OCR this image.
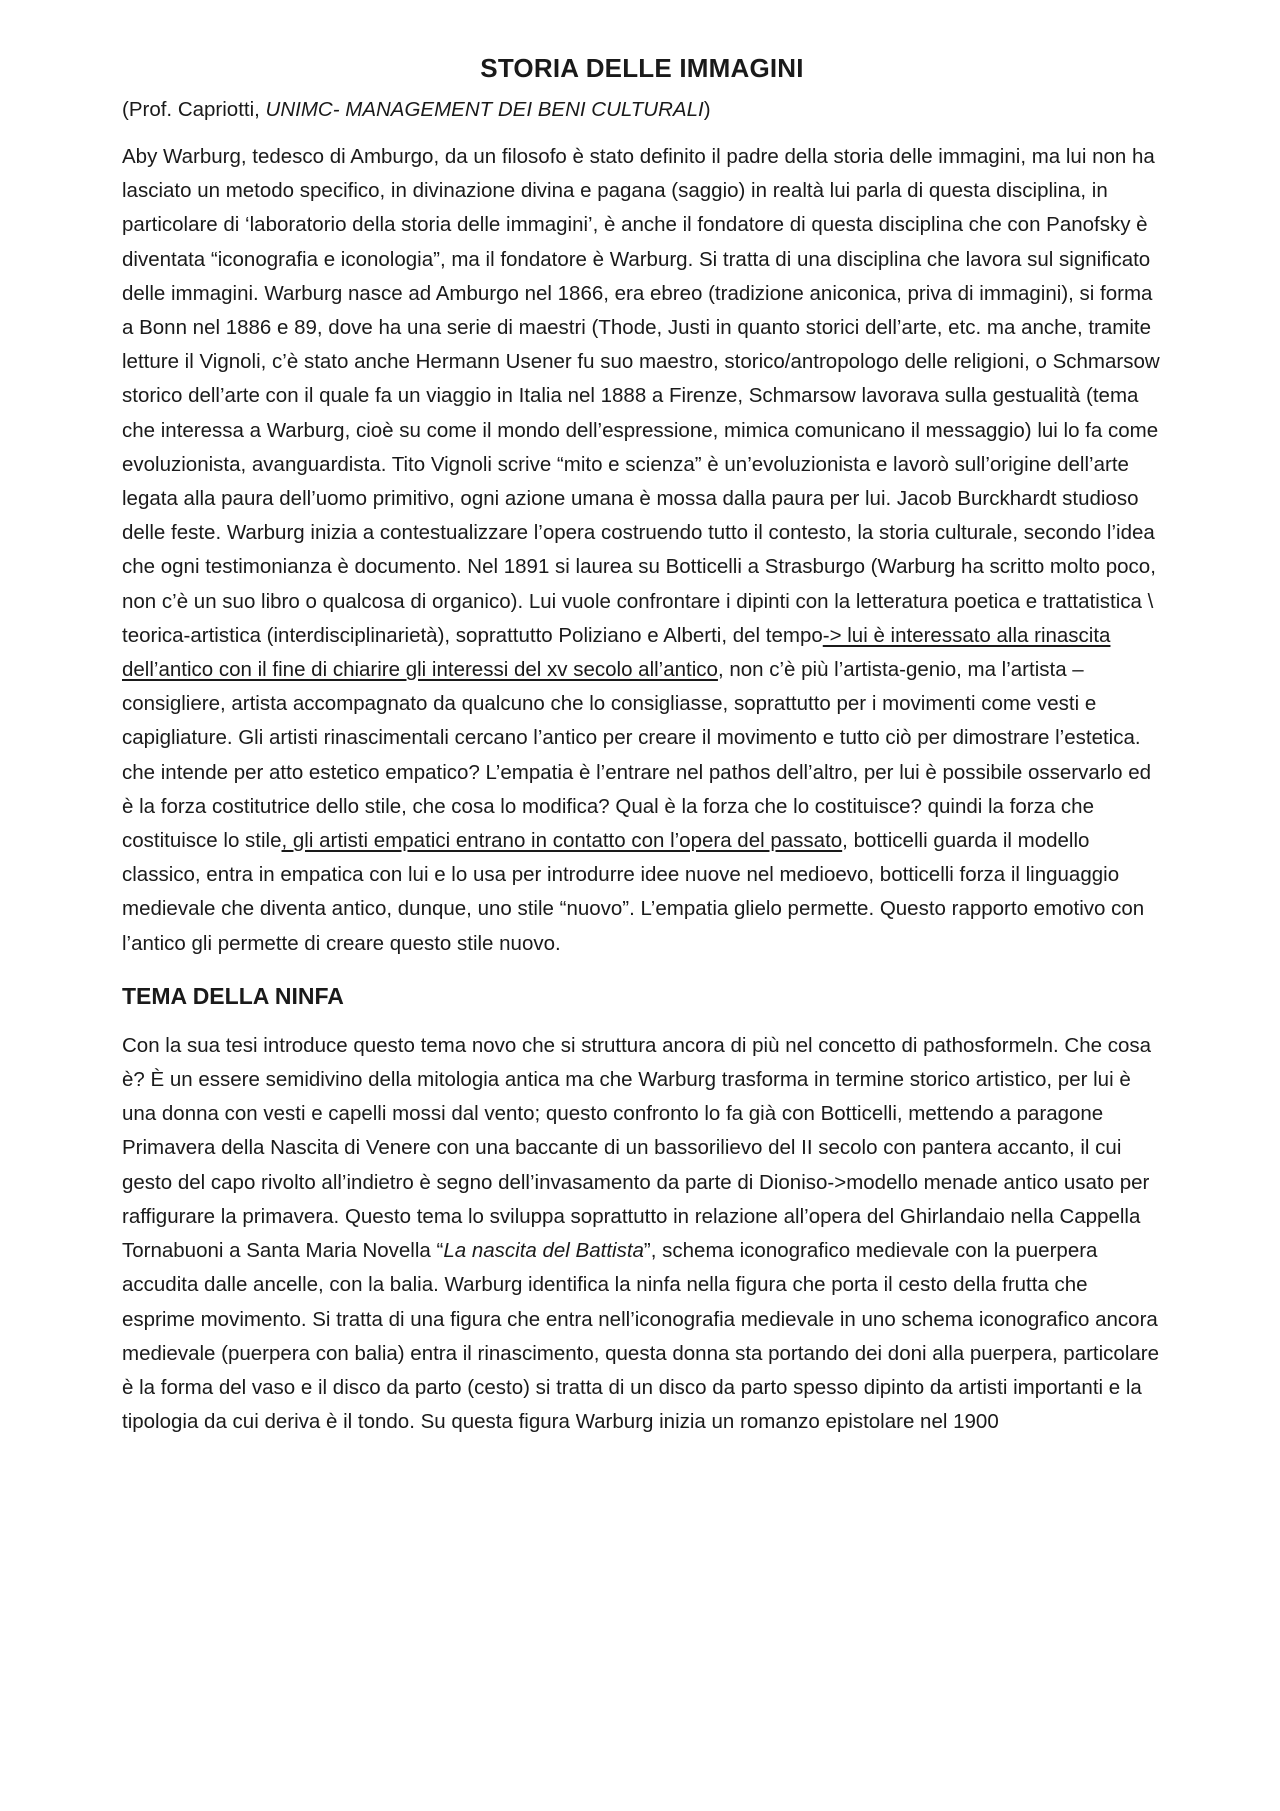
STORIA DELLE IMMAGINI
(Prof. Capriotti, UNIMC- MANAGEMENT DEI BENI CULTURALI)

Aby Warburg, tedesco di Amburgo, da un filosofo è stato definito il padre della storia delle immagini, ma lui non ha lasciato un metodo specifico, in divinazione divina e pagana (saggio) in realtà lui parla di questa disciplina, in particolare di ‘laboratorio della storia delle immagini’, è anche il fondatore di questa disciplina che con Panofsky è diventata “iconografia e iconologia”, ma il fondatore è Warburg. Si tratta di una disciplina che lavora sul significato delle immagini. Warburg nasce ad Amburgo nel 1866, era ebreo (tradizione aniconica, priva di immagini), si forma a Bonn nel 1886 e 89, dove ha una serie di maestri (Thode, Justi in quanto storici dell’arte, etc. ma anche, tramite letture il Vignoli, c’è stato anche Hermann Usener fu suo maestro, storico/antropologo delle religioni, o Schmarsow storico dell’arte con il quale fa un viaggio in Italia nel 1888 a Firenze, Schmarsow lavorava sulla gestualità (tema che interessa a Warburg, cioè su come il mondo dell’espressione, mimica comunicano il messaggio) lui lo fa come evoluzionista, avanguardista. Tito Vignoli scrive “mito e scienza” è un’evoluzionista e lavorò sull’origine dell’arte legata alla paura dell’uomo primitivo, ogni azione umana è mossa dalla paura per lui. Jacob Burckhardt studioso delle feste. Warburg inizia a contestualizzare l’opera costruendo tutto il contesto, la storia culturale, secondo l’idea che ogni testimonianza è documento. Nel 1891 si laurea su Botticelli a Strasburgo (Warburg ha scritto molto poco, non c’è un suo libro o qualcosa di organico). Lui vuole confrontare i dipinti con la letteratura poetica e trattatistica \ teorica-artistica (interdisciplinarietà), soprattutto Poliziano e Alberti, del tempo-> lui è interessato alla rinascita dell’antico con il fine di chiarire gli interessi del xv secolo all’antico, non c’è più l’artista-genio, ma l’artista – consigliere, artista accompagnato da qualcuno che lo consigliasse, soprattutto per i movimenti come vesti e capigliature. Gli artisti rinascimentali cercano l’antico per creare il movimento e tutto ciò per dimostrare l’estetica. che intende per atto estetico empatico? L’empatia è l’entrare nel pathos dell’altro, per lui è possibile osservarlo ed è la forza costitutrice dello stile, che cosa lo modifica? Qual è la forza che lo costituisce? quindi la forza che costituisce lo stile, gli artisti empatici entrano in contatto con l’opera del passato, botticelli guarda il modello classico, entra in empatica con lui e lo usa per introdurre idee nuove nel medioevo, botticelli forza il linguaggio medievale che diventa antico, dunque, uno stile “nuovo”. L’empatia glielo permette. Questo rapporto emotivo con l’antico gli permette di creare questo stile nuovo.

TEMA DELLA NINFA

Con la sua tesi introduce questo tema novo che si struttura ancora di più nel concetto di pathosformeln. Che cosa è? È un essere semidivino della mitologia antica ma che Warburg trasforma in termine storico artistico, per lui è una donna con vesti e capelli mossi dal vento; questo confronto lo fa già con Botticelli, mettendo a paragone Primavera della Nascita di Venere con una baccante di un bassorilievo del II secolo con pantera accanto, il cui gesto del capo rivolto all’indietro è segno dell’invasamento da parte di Dioniso->modello menade antico usato per raffigurare la primavera. Questo tema lo sviluppa soprattutto in relazione all’opera del Ghirlandaio nella Cappella Tornabuoni a Santa Maria Novella “La nascita del Battista”, schema iconografico medievale con la puerpera accudita dalle ancelle, con la balia. Warburg identifica la ninfa nella figura che porta il cesto della frutta che esprime movimento. Si tratta di una figura che entra nell’iconografia medievale in uno schema iconografico ancora medievale (puerpera con balia) entra il rinascimento, questa donna sta portando dei doni alla puerpera, particolare è la forma del vaso e il disco da parto (cesto) si tratta di un disco da parto spesso dipinto da artisti importanti e la tipologia da cui deriva è il tondo. Su questa figura Warburg inizia un romanzo epistolare nel 1900
